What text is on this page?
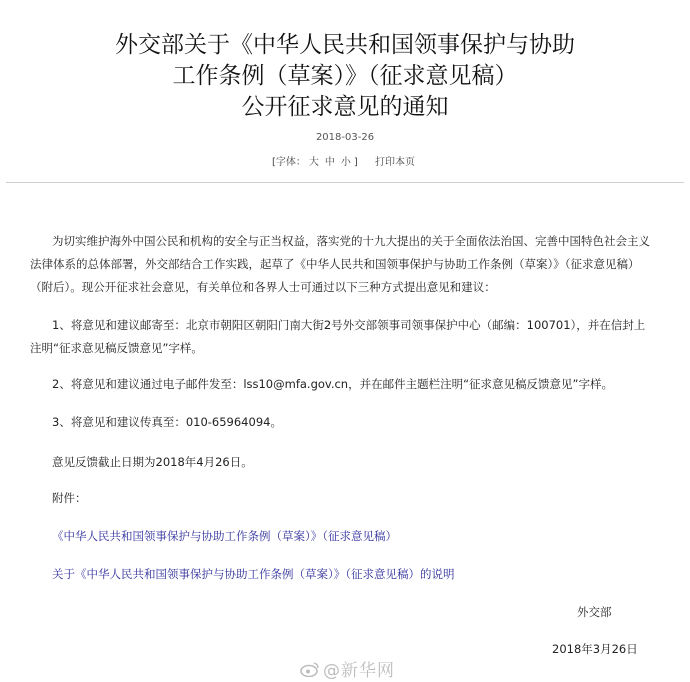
外交部关于《中华人民共和国领事保护与协助
工作条例（草案）》（征求意见稿）
公开征求意见的通知
2018-03-26
[字体： 大 中 小 ] 打印本页
为切实维护海外中国公民和机构的安全与正当权益，落实党的十九大提出的关于全面依法治国、完善中国特色社会主义
法律体系的总体部署，外交部结合工作实践，起草了《中华人民共和国领事保护与协助工作条例（草案）》（征求意见稿）
（附后）。现公开征求社会意见，有关单位和各界人士可通过以下三种方式提出意见和建议：
1、将意见和建议邮寄至：北京市朝阳区朝阳门南大街2号外交部领事司领事保护中心（邮编：100701），并在信封上
注明“征求意见稿反馈意见”字样。
2、将意见和建议通过电子邮件发至：lss10@mfa.gov.cn，并在邮件主题栏注明“征求意见稿反馈意见”字样。
3、将意见和建议传真至：010-65964094。
意见反馈截止日期为2018年4月26日。
附件：
《中华人民共和国领事保护与协助工作条例（草案）》（征求意见稿）
关于《中华人民共和国领事保护与协助工作条例（草案）》（征求意见稿）的说明
外交部
2018年3月26日
@新华网
